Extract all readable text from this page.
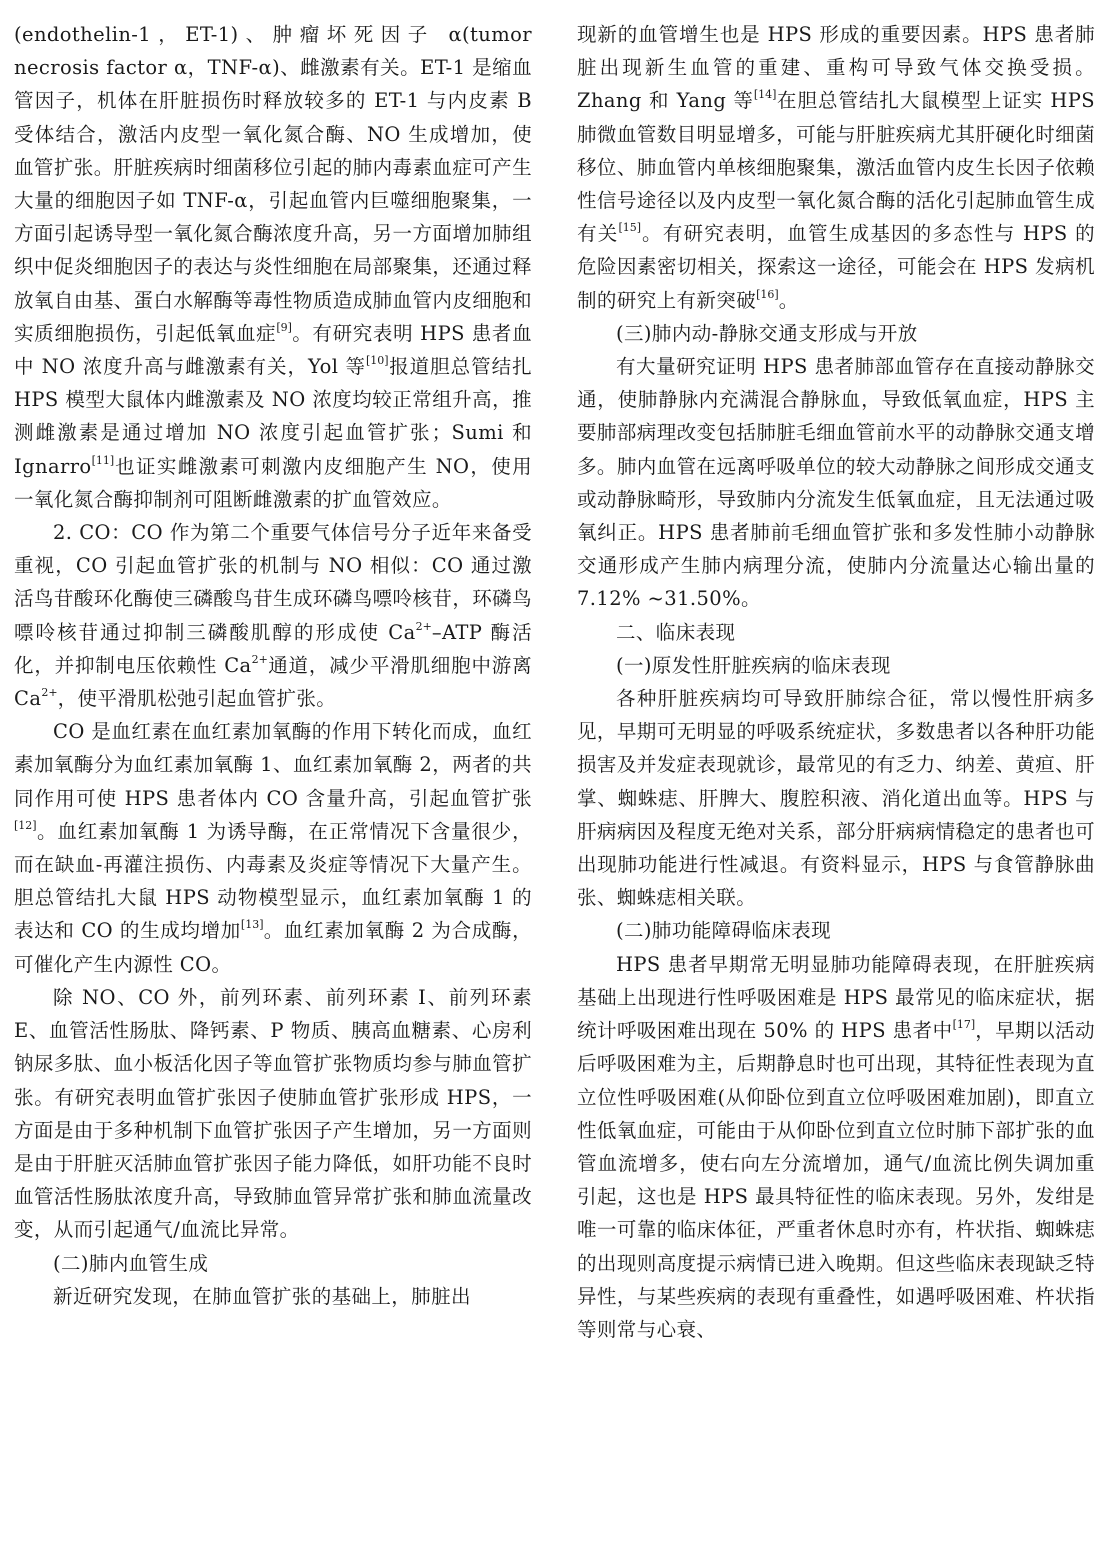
(endothelin-1，ET-1)、肿瘤坏死因子 α(tumor necrosis factor α，TNF-α)、雌激素有关。ET-1 是缩血管因子，机体在肝脏损伤时释放较多的 ET-1 与内皮素 B 受体结合，激活内皮型一氧化氮合酶、NO 生成增加，使血管扩张。肝脏疾病时细菌移位引起的肺内毒素血症可产生大量的细胞因子如 TNF-α，引起血管内巨噬细胞聚集，一方面引起诱导型一氧化氮合酶浓度升高，另一方面增加肺组织中促炎细胞因子的表达与炎性细胞在局部聚集，还通过释放氧自由基、蛋白水解酶等毒性物质造成肺血管内皮细胞和实质细胞损伤，引起低氧血症[9]。有研究表明 HPS 患者血中 NO 浓度升高与雌激素有关，Yol 等[10]报道胆总管结扎 HPS 模型大鼠体内雌激素及 NO 浓度均较正常组升高，推测雌激素是通过增加 NO 浓度引起血管扩张；Sumi 和 Ignarro[11]也证实雌激素可刺激内皮细胞产生 NO，使用一氧化氮合酶抑制剂可阻断雌激素的扩血管效应。

2. CO：CO 作为第二个重要气体信号分子近年来备受重视，CO 引起血管扩张的机制与 NO 相似：CO 通过激活鸟苷酸环化酶使三磷酸鸟苷生成环磷鸟嘌呤核苷，环磷鸟嘌呤核苷通过抑制三磷酸肌醇的形成使 $Ca^{2+}$–ATP 酶活化，并抑制电压依赖性 $Ca^{2+}$通道，减少平滑肌细胞中游离 $Ca^{2+}$，使平滑肌松弛引起血管扩张。

CO 是血红素在血红素加氧酶的作用下转化而成，血红素加氧酶分为血红素加氧酶 1、血红素加氧酶 2，两者的共同作用可使 HPS 患者体内 CO 含量升高，引起血管扩张[12]。血红素加氧酶 1 为诱导酶，在正常情况下含量很少，而在缺血-再灌注损伤、内毒素及炎症等情况下大量产生。胆总管结扎大鼠 HPS 动物模型显示，血红素加氧酶 1 的表达和 CO 的生成均增加[13]。血红素加氧酶 2 为合成酶，可催化产生内源性 CO。

除 NO、CO 外，前列环素、前列环素 I、前列环素 E、血管活性肠肽、降钙素、P 物质、胰高血糖素、心房利钠尿多肽、血小板活化因子等血管扩张物质均参与肺血管扩张。有研究表明血管扩张因子使肺血管扩张形成 HPS，一方面是由于多种机制下血管扩张因子产生增加，另一方面则是由于肝脏灭活肺血管扩张因子能力降低，如肝功能不良时血管活性肠肽浓度升高，导致肺血管异常扩张和肺血流量改变，从而引起通气/血流比异常。

(二)肺内血管生成

新近研究发现，在肺血管扩张的基础上，肺脏出

现新的血管增生也是 HPS 形成的重要因素。HPS 患者肺脏出现新生血管的重建、重构可导致气体交换受损。Zhang 和 Yang 等[14]在胆总管结扎大鼠模型上证实 HPS 肺微血管数目明显增多，可能与肝脏疾病尤其肝硬化时细菌移位、肺血管内单核细胞聚集，激活血管内皮生长因子依赖性信号途径以及内皮型一氧化氮合酶的活化引起肺血管生成有关[15]。有研究表明，血管生成基因的多态性与 HPS 的危险因素密切相关，探索这一途径，可能会在 HPS 发病机制的研究上有新突破[16]。

(三)肺内动-静脉交通支形成与开放

有大量研究证明 HPS 患者肺部血管存在直接动静脉交通，使肺静脉内充满混合静脉血，导致低氧血症，HPS 主要肺部病理改变包括肺脏毛细血管前水平的动静脉交通支增多。肺内血管在远离呼吸单位的较大动静脉之间形成交通支或动静脉畸形，导致肺内分流发生低氧血症，且无法通过吸氧纠正。HPS 患者肺前毛细血管扩张和多发性肺小动静脉交通形成产生肺内病理分流，使肺内分流量达心输出量的 7.12% ~31.50%。

二、临床表现

(一)原发性肝脏疾病的临床表现

各种肝脏疾病均可导致肝肺综合征，常以慢性肝病多见，早期可无明显的呼吸系统症状，多数患者以各种肝功能损害及并发症表现就诊，最常见的有乏力、纳差、黄疸、肝掌、蜘蛛痣、肝脾大、腹腔积液、消化道出血等。HPS 与肝病病因及程度无绝对关系，部分肝病病情稳定的患者也可出现肺功能进行性减退。有资料显示，HPS 与食管静脉曲张、蜘蛛痣相关联。

(二)肺功能障碍临床表现

HPS 患者早期常无明显肺功能障碍表现，在肝脏疾病基础上出现进行性呼吸困难是 HPS 最常见的临床症状，据统计呼吸困难出现在 50% 的 HPS 患者中[17]，早期以活动后呼吸困难为主，后期静息时也可出现，其特征性表现为直立位性呼吸困难(从仰卧位到直立位呼吸困难加剧)，即直立性低氧血症，可能由于从仰卧位到直立位时肺下部扩张的血管血流增多，使右向左分流增加，通气/血流比例失调加重引起，这也是 HPS 最具特征性的临床表现。另外，发绀是唯一可靠的临床体征，严重者休息时亦有，杵状指、蜘蛛痣的出现则高度提示病情已进入晚期。但这些临床表现缺乏特异性，与某些疾病的表现有重叠性，如遇呼吸困难、杵状指等则常与心衰、
